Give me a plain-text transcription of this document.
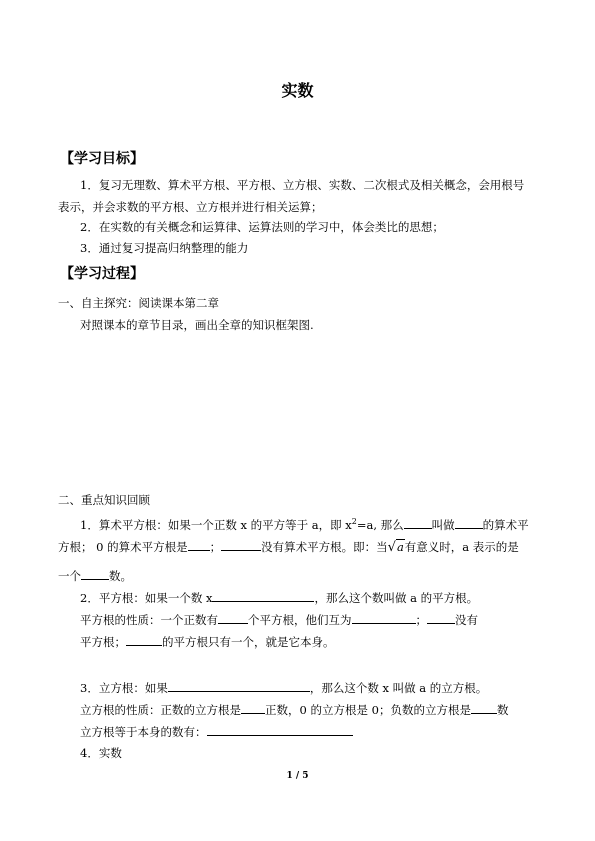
实数
【学习目标】
1．复习无理数、算术平方根、平方根、立方根、实数、二次根式及相关概念，会用根号
表示，并会求数的平方根、立方根并进行相关运算；
2．在实数的有关概念和运算律、运算法则的学习中，体会类比的思想；
3．通过复习提高归纳整理的能力
【学习过程】
一、自主探究：阅读课本第二章
对照课本的章节目录，画出全章的知识框架图.
二、重点知识回顾
1．算术平方根：如果一个正数 x 的平方等于 a，即 $x^2=a$, 那么 叫做 的算术平
方根； 0 的算术平方根是 ；	没有算术平方根。即：当√a有意义时，a 表示的是
一个 数。
2．平方根：如果一个数 x	，那么这个数叫做 a 的平方根。
平方根的性质：一个正数有	个平方根，他们互为	； 没有
平方根；	的平方根只有一个，就是它本身。
3．立方根：如果	，那么这个数 x 叫做 a 的立方根。
立方根的性质：正数的立方根是 正数，0 的立方根是 0；负数的立方根是 数
立方根等于本身的数有：
4．实数
1 / 5
